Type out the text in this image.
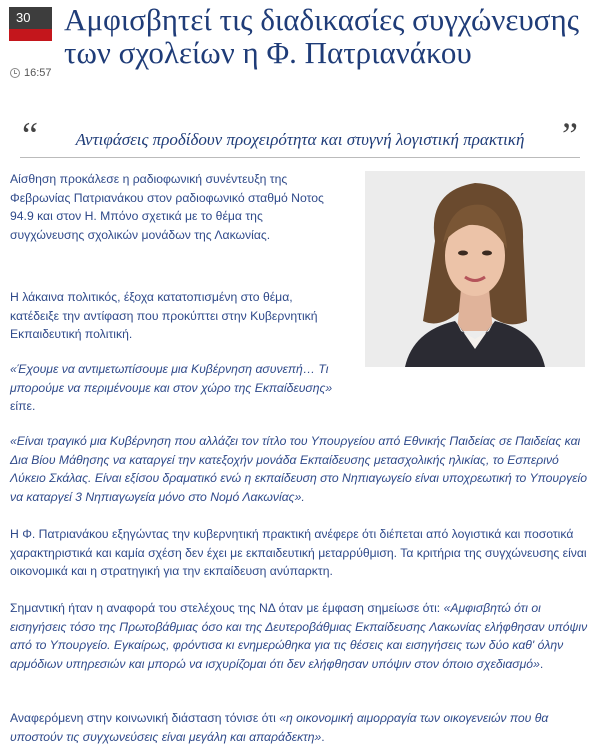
30
16:57
Αμφισβητεί τις διαδικασίες συγχώνευσης των σχολείων η Φ. Πατριανάκου
“	Αντιφάσεις προδίδουν προχειρότητα και στυγνή λογιστική πρακτική	”

Αίσθηση προκάλεσε η ραδιοφωνική συνέντευξη της Φεβρωνίας Πατριανάκου στον ραδιοφωνικό σταθμό Νοτος 94.9 και στον Η. Μπόνο σχετικά με το θέμα της συγχώνευσης σχολικών μονάδων της Λακωνίας.

Η λάκαινα πολιτικός, έξοχα κατατοπισμένη στο θέμα, κατέδειξε την αντίφαση που προκύπτει στην Κυβερνητική Εκπαιδευτική πολιτική.

«Έχουμε να αντιμετωπίσουμε μια Κυβέρνηση ασυνεπή… Τι μπορούμε να περιμένουμε και στον χώρο της Εκπαίδευσης» είπε.

«Είναι τραγικό μια Κυβέρνηση που αλλάζει τον τίτλο του Υπουργείου από Εθνικής Παιδείας σε Παιδείας και Δια Βίου Μάθησης να καταργεί την κατεξοχήν μονάδα Εκπαίδευσης μετασχολικής ηλικίας, το Εσπερινό Λύκειο Σκάλας. Είναι εξίσου δραματικό ενώ η εκπαίδευση στο Νηπιαγωγείο είναι υποχρεωτική το Υπουργείο να καταργεί 3 Νηπιαγωγεία μόνο στο Νομό Λακωνίας».

Η Φ. Πατριανάκου εξηγώντας την κυβερνητική πρακτική ανέφερε ότι διέπεται από λογιστικά και ποσοτικά χαρακτηριστικά και καμία σχέση δεν έχει με εκπαιδευτική μεταρρύθμιση. Τα κριτήρια της συγχώνευσης είναι οικονομικά και η στρατηγική για την εκπαίδευση ανύπαρκτη.

Σημαντική ήταν η αναφορά του στελέχους της ΝΔ όταν με έμφαση σημείωσε ότι: «Αμφισβητώ ότι οι εισηγήσεις τόσο της Πρωτοβάθμιας όσο και της Δευτεροβάθμιας Εκπαίδευσης Λακωνίας ελήφθησαν υπόψιν από το Υπουργείο. Εγκαίρως, φρόντισα κι ενημερώθηκα για τις θέσεις και εισηγήσεις των δύο καθ' όλην αρμόδιων υπηρεσιών και μπορώ να ισχυρίζομαι ότι δεν ελήφθησαν υπόψιν στον όποιο σχεδιασμό».

Αναφερόμενη στην κοινωνική διάσταση τόνισε ότι «η οικονομική αιμορραγία των οικογενειών που θα υποστούν τις συγχωνεύσεις είναι μεγάλη και απαράδεκτη».
